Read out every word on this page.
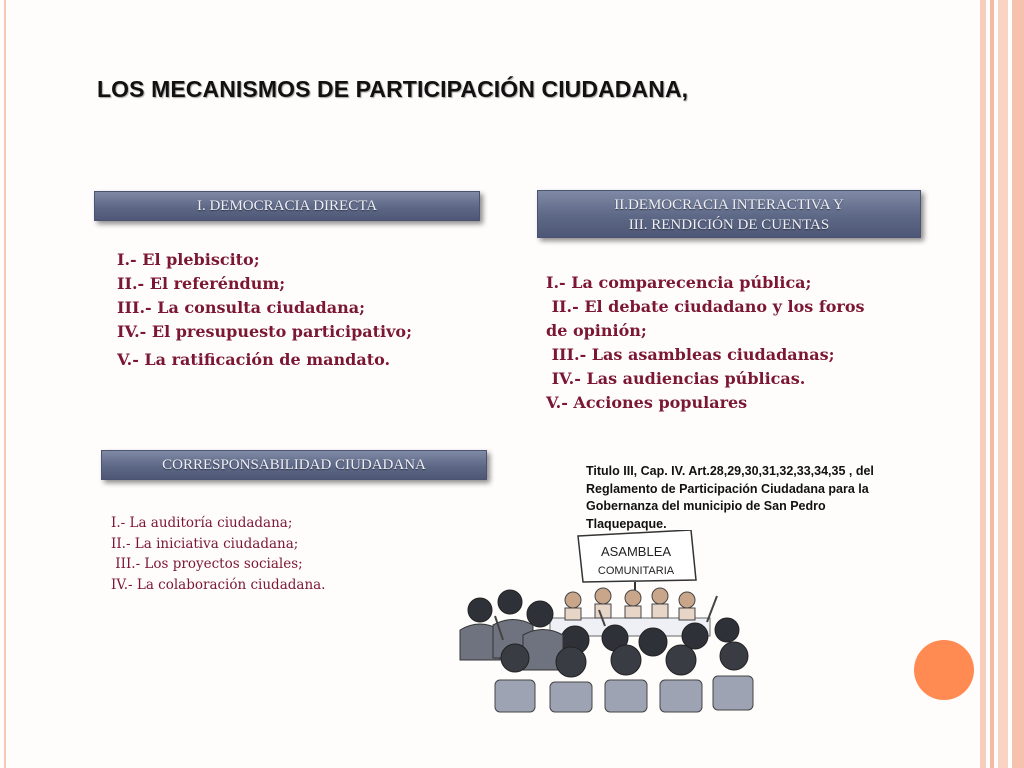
LOS MECANISMOS DE PARTICIPACIÓN CIUDADANA,
I. DEMOCRACIA DIRECTA
I.- El plebiscito;
II.- El referéndum;
III.- La consulta ciudadana;
IV.- El presupuesto participativo;
V.- La ratificación de mandato.
II.DEMOCRACIA INTERACTIVA Y
III. RENDICIÓN DE CUENTAS
I.- La comparecencia pública;
II.- El debate ciudadano y los foros
de opinión;
III.- Las asambleas ciudadanas;
IV.- Las audiencias públicas.
V.- Acciones populares
CORRESPONSABILIDAD CIUDADANA
I.- La auditoría ciudadana;
II.- La iniciativa ciudadana;
III.- Los proyectos sociales;
IV.- La colaboración ciudadana.
Titulo III, Cap. IV. Art.28,29,30,31,32,33,34,35 , del Reglamento de Participación Ciudadana para la Gobernanza del municipio de San Pedro Tlaquepaque.
ASAMBLEA
COMUNITARIA
